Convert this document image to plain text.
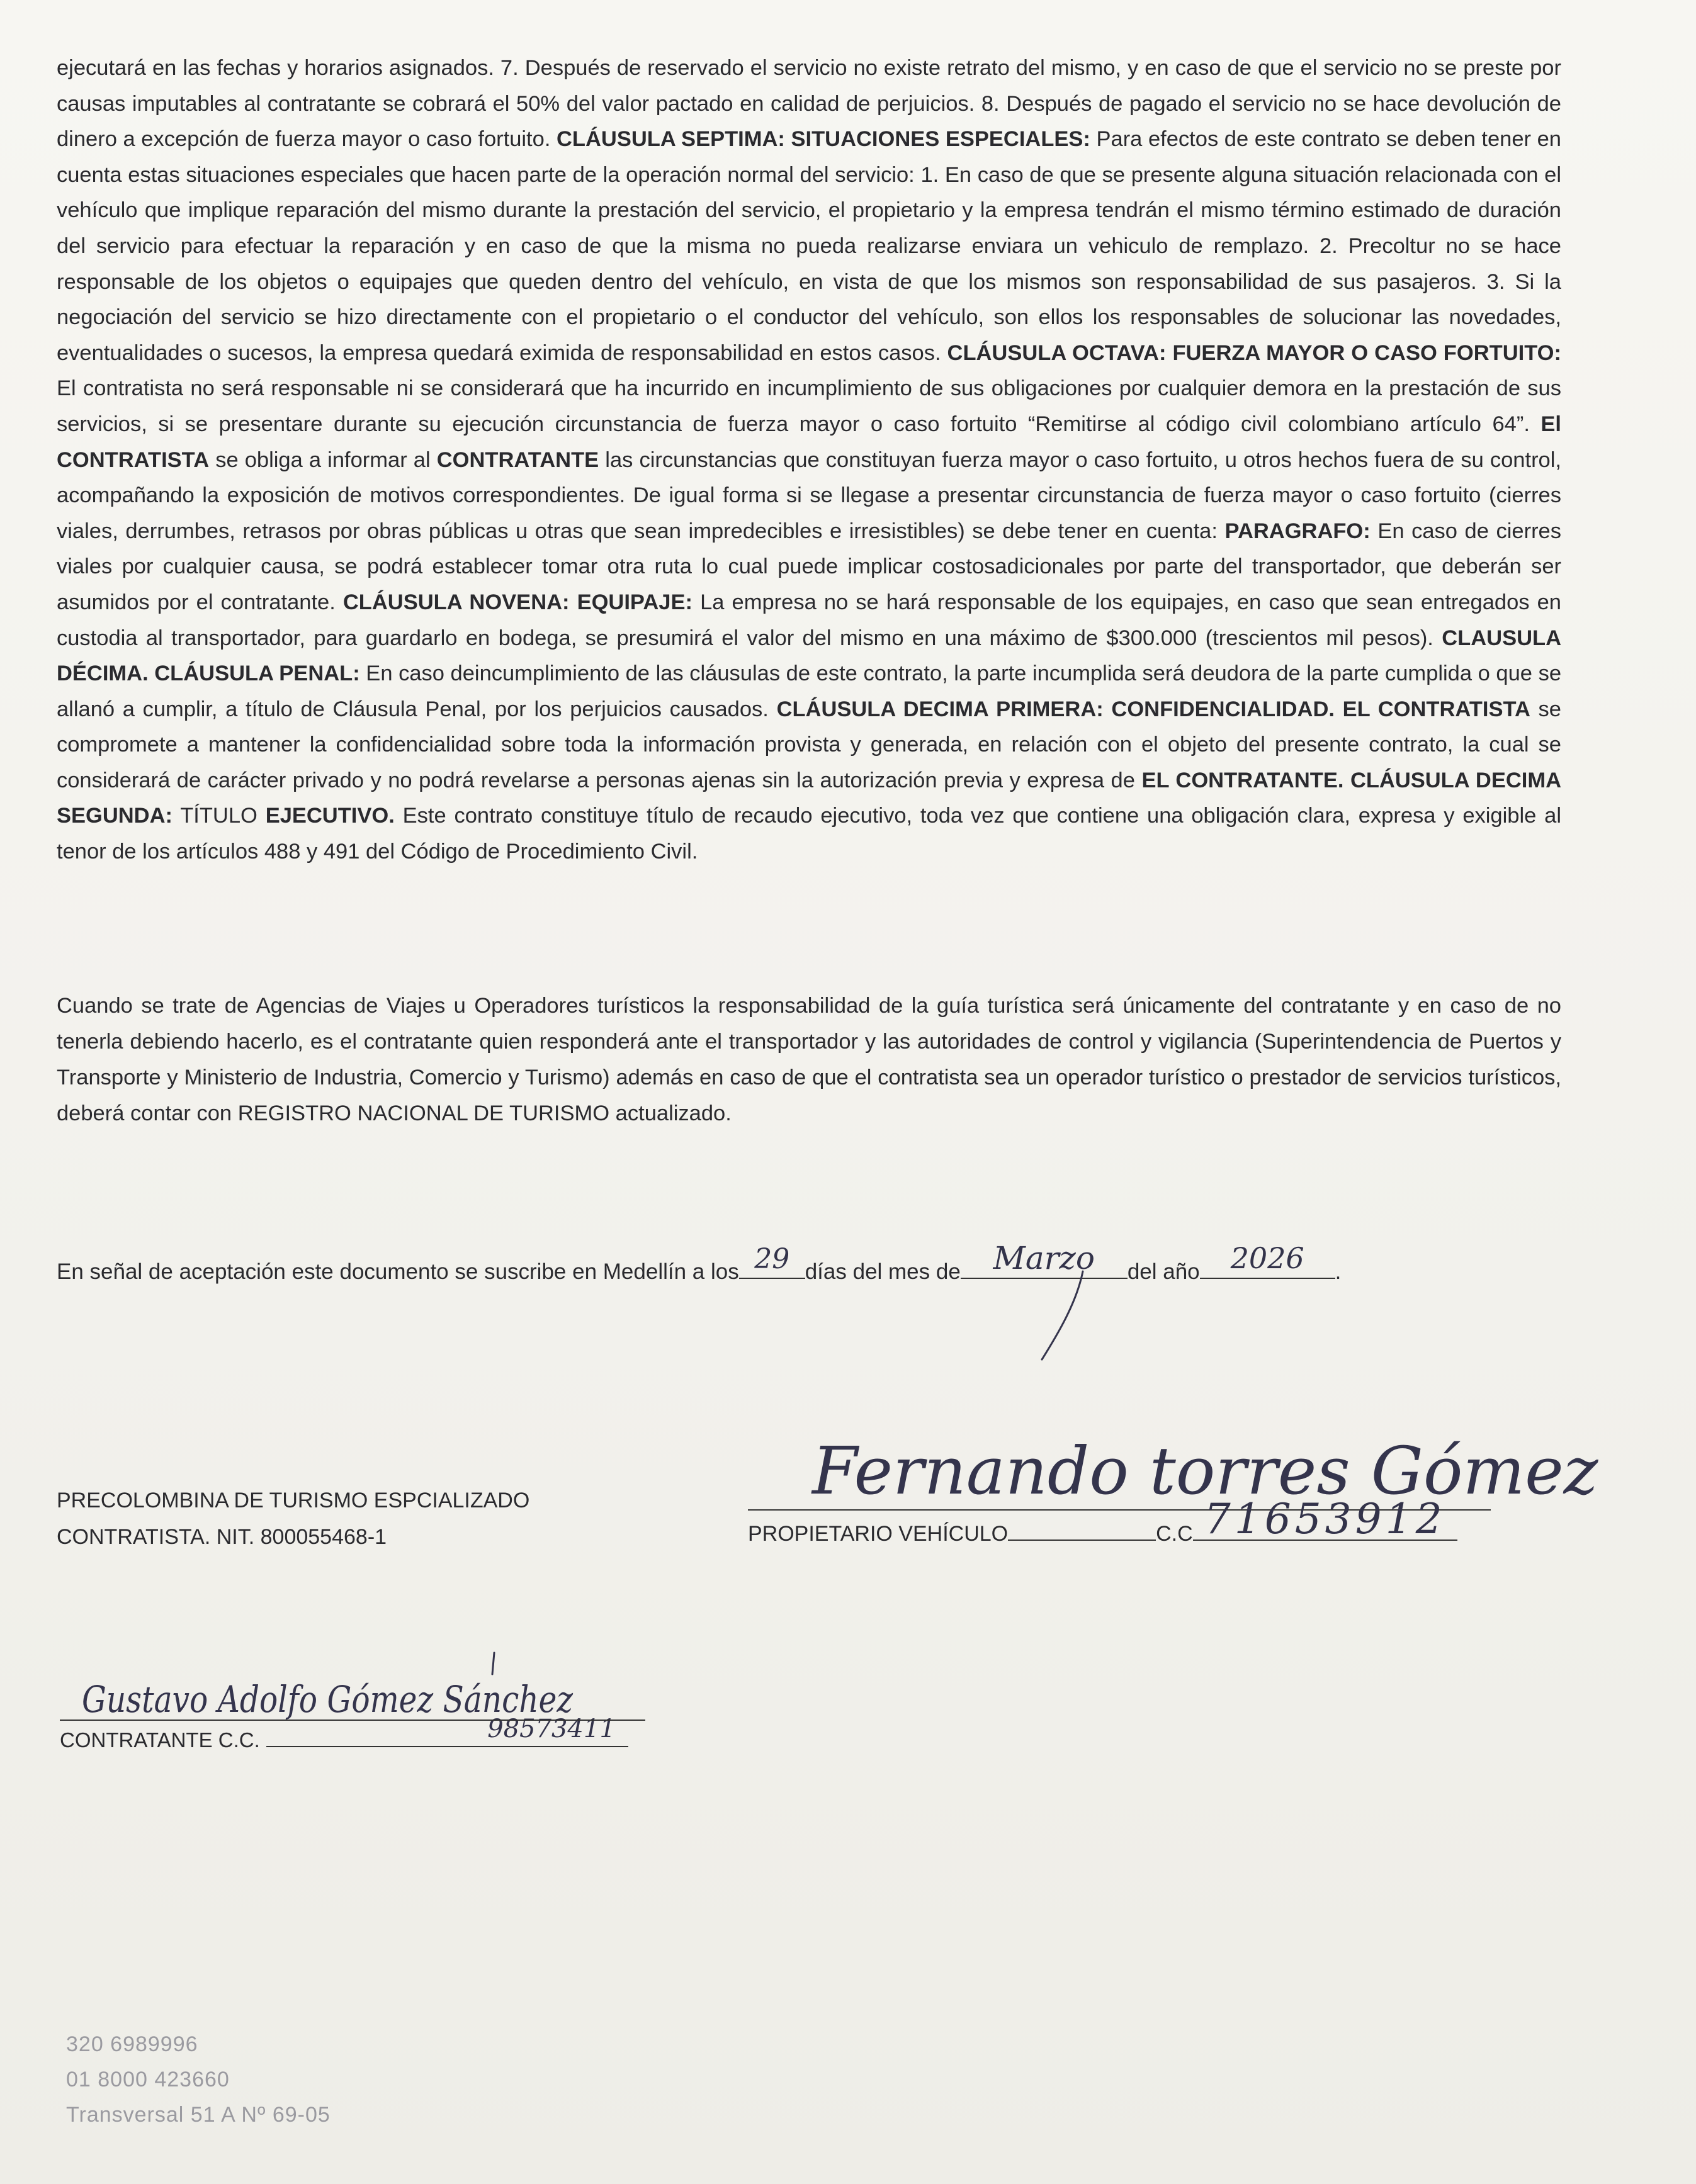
ejecutará en las fechas y horarios asignados. 7. Después de reservado el servicio no existe retrato del mismo, y en caso de que el servicio no se preste por causas imputables al contratante se cobrará el 50% del valor pactado en calidad de perjuicios. 8. Después de pagado el servicio no se hace devolución de dinero a excepción de fuerza mayor o caso fortuito. CLÁUSULA SEPTIMA: SITUACIONES ESPECIALES: Para efectos de este contrato se deben tener en cuenta estas situaciones especiales que hacen parte de la operación normal del servicio: 1. En caso de que se presente alguna situación relacionada con el vehículo que implique reparación del mismo durante la prestación del servicio, el propietario y la empresa tendrán el mismo término estimado de duración del servicio para efectuar la reparación y en caso de que la misma no pueda realizarse enviara un vehiculo de remplazo. 2. Precoltur no se hace responsable de los objetos o equipajes que queden dentro del vehículo, en vista de que los mismos son responsabilidad de sus pasajeros. 3. Si la negociación del servicio se hizo directamente con el propietario o el conductor del vehículo, son ellos los responsables de solucionar las novedades, eventualidades o sucesos, la empresa quedará eximida de responsabilidad en estos casos. CLÁUSULA OCTAVA: FUERZA MAYOR O CASO FORTUITO: El contratista no será responsable ni se considerará que ha incurrido en incumplimiento de sus obligaciones por cualquier demora en la prestación de sus servicios, si se presentare durante su ejecución circunstancia de fuerza mayor o caso fortuito “Remitirse al código civil colombiano artículo 64”. El CONTRATISTA se obliga a informar al CONTRATANTE las circunstancias que constituyan fuerza mayor o caso fortuito, u otros hechos fuera de su control, acompañando la exposición de motivos correspondientes. De igual forma si se llegase a presentar circunstancia de fuerza mayor o caso fortuito (cierres viales, derrumbes, retrasos por obras públicas u otras que sean impredecibles e irresistibles) se debe tener en cuenta: PARAGRAFO: En caso de cierres viales por cualquier causa, se podrá establecer tomar otra ruta lo cual puede implicar costosadicionales por parte del transportador, que deberán ser asumidos por el contratante. CLÁUSULA NOVENA: EQUIPAJE: La empresa no se hará responsable de los equipajes, en caso que sean entregados en custodia al transportador, para guardarlo en bodega, se presumirá el valor del mismo en una máximo de $300.000 (trescientos mil pesos). CLAUSULA DÉCIMA. CLÁUSULA PENAL: En caso deincumplimiento de las cláusulas de este contrato, la parte incumplida será deudora de la parte cumplida o que se allanó a cumplir, a título de Cláusula Penal, por los perjuicios causados. CLÁUSULA DECIMA PRIMERA: CONFIDENCIALIDAD. EL CONTRATISTA se compromete a mantener la confidencialidad sobre toda la información provista y generada, en relación con el objeto del presente contrato, la cual se considerará de carácter privado y no podrá revelarse a personas ajenas sin la autorización previa y expresa de EL CONTRATANTE. CLÁUSULA DECIMA SEGUNDA: TÍTULO EJECUTIVO. Este contrato constituye título de recaudo ejecutivo, toda vez que contiene una obligación clara, expresa y exigible al tenor de los artículos 488 y 491 del Código de Procedimiento Civil.
Cuando se trate de Agencias de Viajes u Operadores turísticos la responsabilidad de la guía turística será únicamente del contratante y en caso de no tenerla debiendo hacerlo, es el contratante quien responderá ante el transportador y las autoridades de control y vigilancia (Superintendencia de Puertos y Transporte y Ministerio de Industria, Comercio y Turismo) además en caso de que el contratista sea un operador turístico o prestador de servicios turísticos, deberá contar con REGISTRO NACIONAL DE TURISMO actualizado.
En señal de aceptación este documento se suscribe en Medellín a los 29 días del mes de	Marzo	del año	2026	.
PRECOLOMBINA DE TURISMO ESPCIALIZADO
CONTRATISTA. NIT. 800055468-1
Fernando torres Gómez
PROPIETARIO VEHÍCULO	C.C 71653912
Gustavo Adolfo Gómez Sánchez
CONTRATANTE C.C.	98573411
320 6989996
01 8000 423660
Transversal 51 A Nº 69-05
